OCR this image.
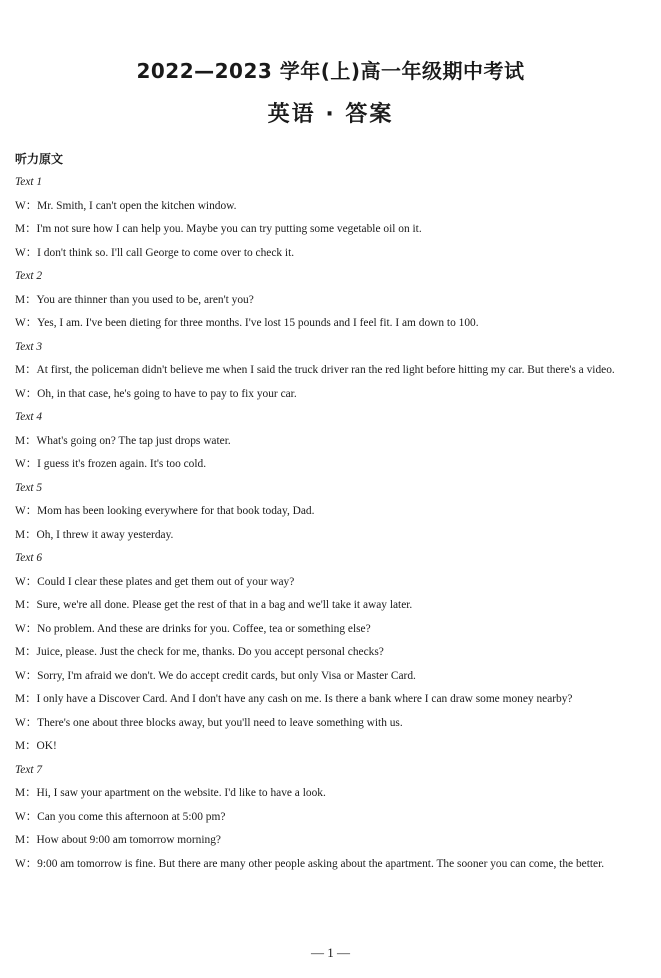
2022—2023 学年(上)高一年级期中考试
英语 · 答案
听力原文

Text 1

W：Mr. Smith, I can't open the kitchen window.

M：I'm not sure how I can help you. Maybe you can try putting some vegetable oil on it.

W：I don't think so. I'll call George to come over to check it.

Text 2

M：You are thinner than you used to be, aren't you?

W：Yes, I am. I've been dieting for three months. I've lost 15 pounds and I feel fit. I am down to 100.

Text 3

M：At first, the policeman didn't believe me when I said the truck driver ran the red light before hitting my car. But there's a video.

W：Oh, in that case, he's going to have to pay to fix your car.

Text 4

M：What's going on? The tap just drops water.

W：I guess it's frozen again. It's too cold.

Text 5

W：Mom has been looking everywhere for that book today, Dad.

M：Oh, I threw it away yesterday.

Text 6

W：Could I clear these plates and get them out of your way?

M：Sure, we're all done. Please get the rest of that in a bag and we'll take it away later.

W：No problem. And these are drinks for you. Coffee, tea or something else?

M：Juice, please. Just the check for me, thanks. Do you accept personal checks?

W：Sorry, I'm afraid we don't. We do accept credit cards, but only Visa or Master Card.

M：I only have a Discover Card. And I don't have any cash on me. Is there a bank where I can draw some money nearby?

W：There's one about three blocks away, but you'll need to leave something with us.

M：OK!

Text 7

M：Hi, I saw your apartment on the website. I'd like to have a look.

W：Can you come this afternoon at 5:00 pm?

M：How about 9:00 am tomorrow morning?

W：9:00 am tomorrow is fine. But there are many other people asking about the apartment. The sooner you can come, the better.

— 1 —
